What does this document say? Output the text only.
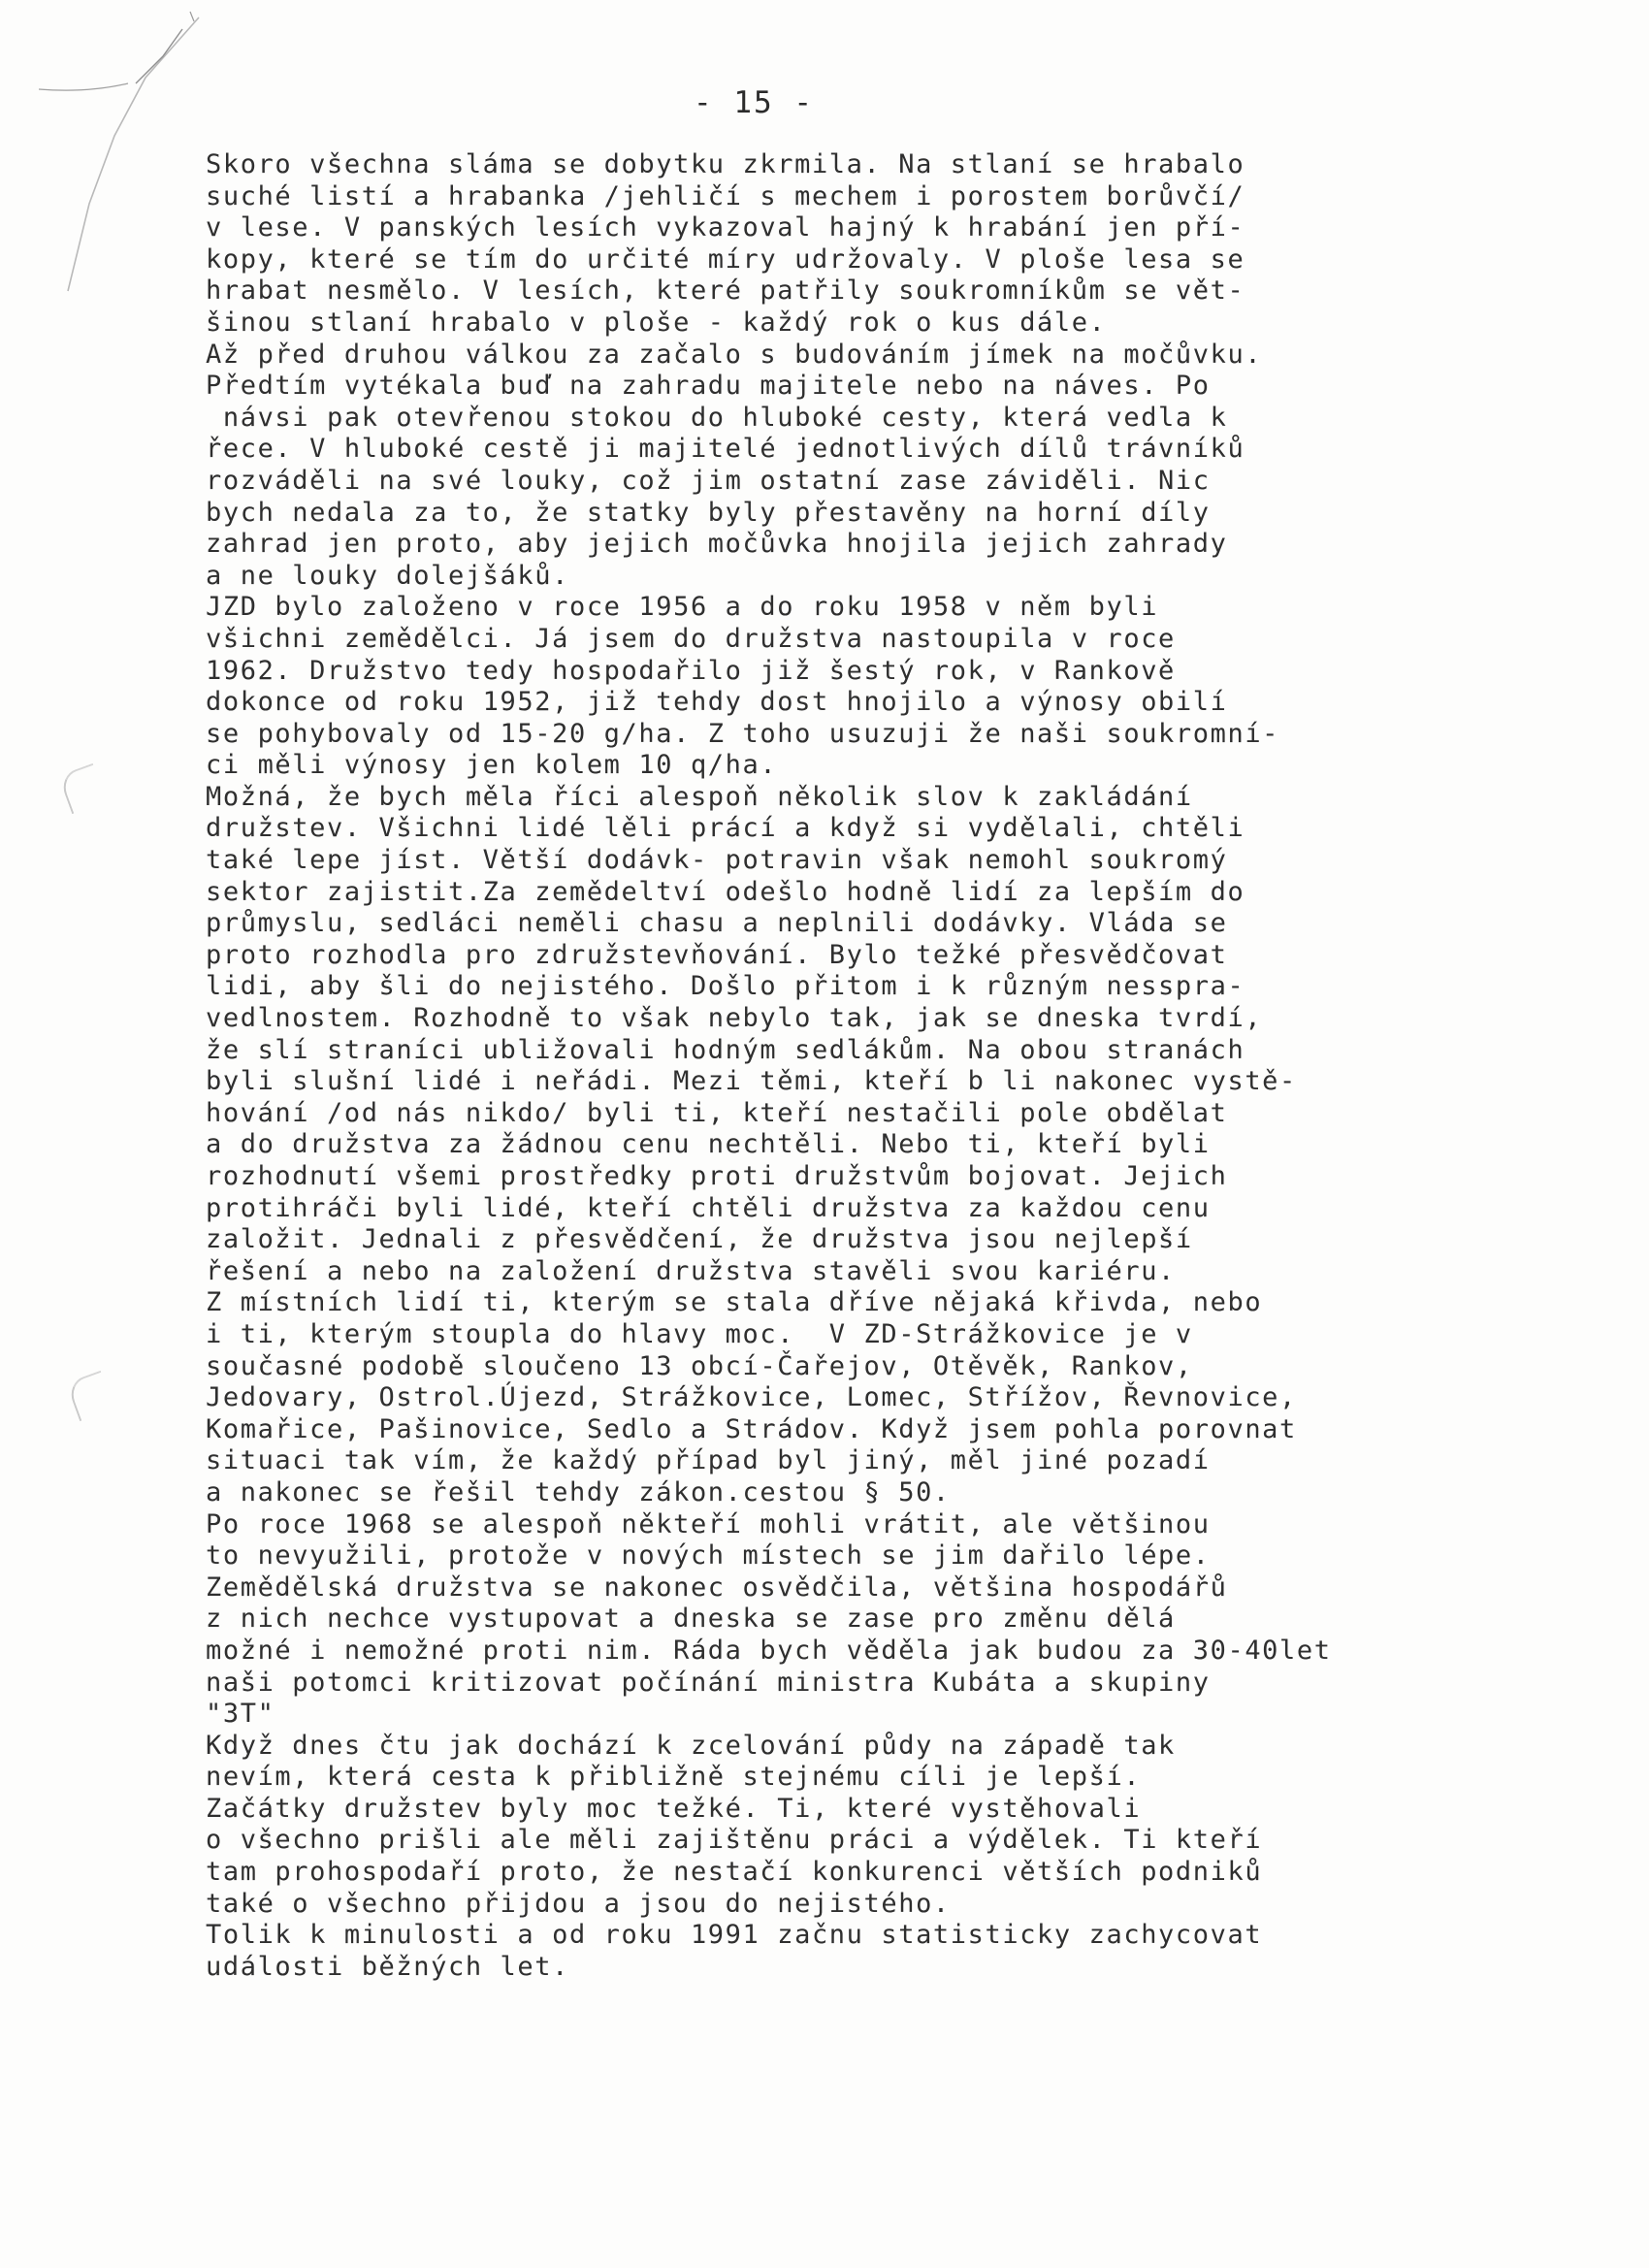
- 15 -
Skoro všechna sláma se dobytku zkrmila. Na stlaní se hrabalo
suché listí a hrabanka /jehličí s mechem i porostem borůvčí/
v lese. V panských lesích vykazoval hajný k hrabání jen pří-
kopy, které se tím do určité míry udržovaly. V ploše lesa se
hrabat nesmělo. V lesích, které patřily soukromníkům se vět-
šinou stlaní hrabalo v ploše - každý rok o kus dále.
Až před druhou válkou za začalo s budováním jímek na močůvku.
Předtím vytékala buď na zahradu majitele nebo na náves. Po
návsi pak otevřenou stokou do hluboké cesty, která vedla k
řece. V hluboké cestě ji majitelé jednotlivých dílů trávníků
rozváděli na své louky, což jim ostatní zase záviděli. Nic
bych nedala za to, že statky byly přestavěny na horní díly
zahrad jen proto, aby jejich močůvka hnojila jejich zahrady
a ne louky dolejšáků.
JZD bylo založeno v roce 1956 a do roku 1958 v něm byli
všichni zemědělci. Já jsem do družstva nastoupila v roce
1962. Družstvo tedy hospodařilo již šestý rok, v Rankově
dokonce od roku 1952, již tehdy dost hnojilo a výnosy obilí
se pohybovaly od 15-20 g/ha. Z toho usuzuji že naši soukromní-
ci měli výnosy jen kolem 10 q/ha.
Možná, že bych měla říci alespoň několik slov k zakládání
družstev. Všichni lidé lěli prácí a když si vydělali, chtěli
také lepe jíst. Větší dodávk- potravin však nemohl soukromý
sektor zajistit.Za zemědeltví odešlo hodně lidí za lepším do
průmyslu, sedláci neměli chasu a neplnili dodávky. Vláda se
proto rozhodla pro združstevňování. Bylo težké přesvědčovat
lidi, aby šli do nejistého. Došlo přitom i k různým nesspra-
vedlnostem. Rozhodně to však nebylo tak, jak se dneska tvrdí,
že slí straníci ubližovali hodným sedlákům. Na obou stranách
byli slušní lidé i neřádi. Mezi těmi, kteří b li nakonec vystě-
hování /od nás nikdo/ byli ti, kteří nestačili pole obdělat
a do družstva za žádnou cenu nechtěli. Nebo ti, kteří byli
rozhodnutí všemi prostředky proti družstvům bojovat. Jejich
protihráči byli lidé, kteří chtěli družstva za každou cenu
založit. Jednali z přesvědčení, že družstva jsou nejlepší
řešení a nebo na založení družstva stavěli svou kariéru.
Z místních lidí ti, kterým se stala dříve nějaká křivda, nebo
i ti, kterým stoupla do hlavy moc.  V ZD-Strážkovice je v
současné podobě sloučeno 13 obcí-Čařejov, Otěvěk, Rankov,
Jedovary, Ostrol.Újezd, Strážkovice, Lomec, Střížov, Řevnovice,
Komařice, Pašinovice, Sedlo a Strádov. Když jsem pohla porovnat
situaci tak vím, že každý případ byl jiný, měl jiné pozadí
a nakonec se řešil tehdy zákon.cestou § 50.
Po roce 1968 se alespoň někteří mohli vrátit, ale většinou
to nevyužili, protože v nových místech se jim dařilo lépe.
Zemědělská družstva se nakonec osvědčila, většina hospodářů
z nich nechce vystupovat a dneska se zase pro změnu dělá
možné i nemožné proti nim. Ráda bych věděla jak budou za 30-40let
naši potomci kritizovat počínání ministra Kubáta a skupiny
"3T"
Když dnes čtu jak dochází k zcelování půdy na západě tak
nevím, která cesta k přibližně stejnému cíli je lepší.
Začátky družstev byly moc težké. Ti, které vystěhovali
o všechno prišli ale měli zajištěnu práci a výdělek. Ti kteří
tam prohospodaří proto, že nestačí konkurenci větších podniků
také o všechno přijdou a jsou do nejistého.
Tolik k minulosti a od roku 1991 začnu statisticky zachycovat
události běžných let.
